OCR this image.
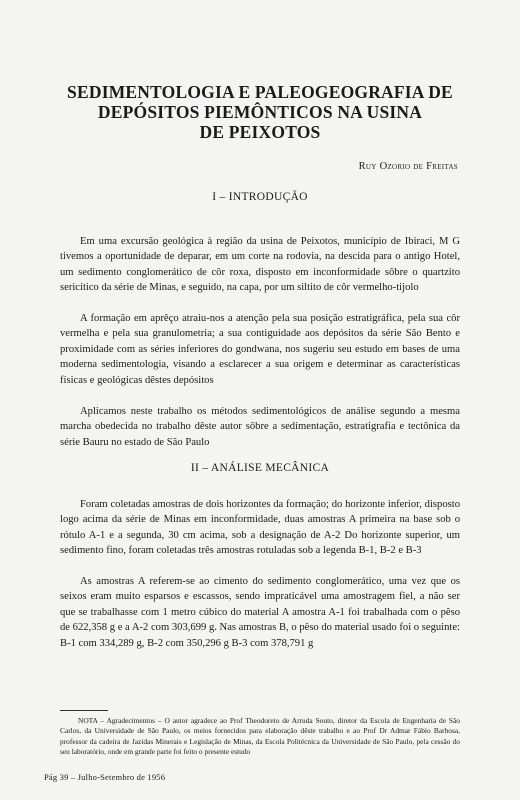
SEDIMENTOLOGIA E PALEOGEOGRAFIA DE
DEPÓSITOS PIEMÔNTICOS NA USINA
DE PEIXOTOS
Ruy Ozorio de Freitas
I – INTRODUÇÃO

Em uma excursão geológica à região da usina de Peixotos, município de Ibiraci, M G tivemos a oportunidade de deparar, em um corte na rodovia, na descida para o antigo Hotel, um sedimento conglomerático de côr roxa, disposto em inconformidade sôbre o quartzito sericítico da série de Minas, e seguido, na capa, por um siltito de côr vermelho-tijolo

A formação em aprêço atraiu-nos a atenção pela sua posição estratigráfica, pela sua côr vermelha e pela sua granulometria; a sua contiguidade aos depósitos da série São Bento e proximidade com as séries inferiores do gondwana, nos sugeriu seu estudo em bases de uma moderna sedimentologia, visando a esclarecer a sua origem e determinar as características físicas e geológicas dêstes depósitos

Aplicamos neste trabalho os métodos sedimentológicos de análise segundo a mesma marcha obedecida no trabalho dêste autor sôbre a sedimentação, estratigrafia e tectônica da série Bauru no estado de São Paulo

II – ANÁLISE MECÂNICA

Foram coletadas amostras de dois horizontes da formação; do horizonte inferior, disposto logo acima da série de Minas em inconformidade, duas amostras A primeira na base sob o rótulo A-1 e a segunda, 30 cm acima, sob a designação de A-2 Do horizonte superior, um sedimento fino, foram coletadas três amostras rotuladas sob a legenda B-1, B-2 e B-3

As amostras A referem-se ao cimento do sedimento conglomerático, uma vez que os seixos eram muito esparsos e escassos, sendo impraticável uma amostragem fiel, a não ser que se trabalhasse com 1 metro cúbico do material A amostra A-1 foi trabalhada com o pêso de 622,358 g e a A-2 com 303,699 g. Nas amostras B, o pêso do material usado foi o seguinte: B-1 com 334,289 g, B-2 com 350,296 g B-3 com 378,791 g

NOTA – Agradecimentos – O autor agradece ao Prof Theodoreto de Arruda Souto, diretor da Escola de Engenharia de São Carlos, da Universidade de São Paulo, os meios fornecidos para elaboração dêste trabalho e ao Prof Dr Admar Fábio Barbosa, professor da cadeira de Jazidas Minerais e Legislação de Minas, da Escola Politécnica da Universidade de São Paulo, pela cessão do seu laboratório, onde em grande parte foi feito o presente estudo

Pág 39 – Julho-Setembro de 1956
